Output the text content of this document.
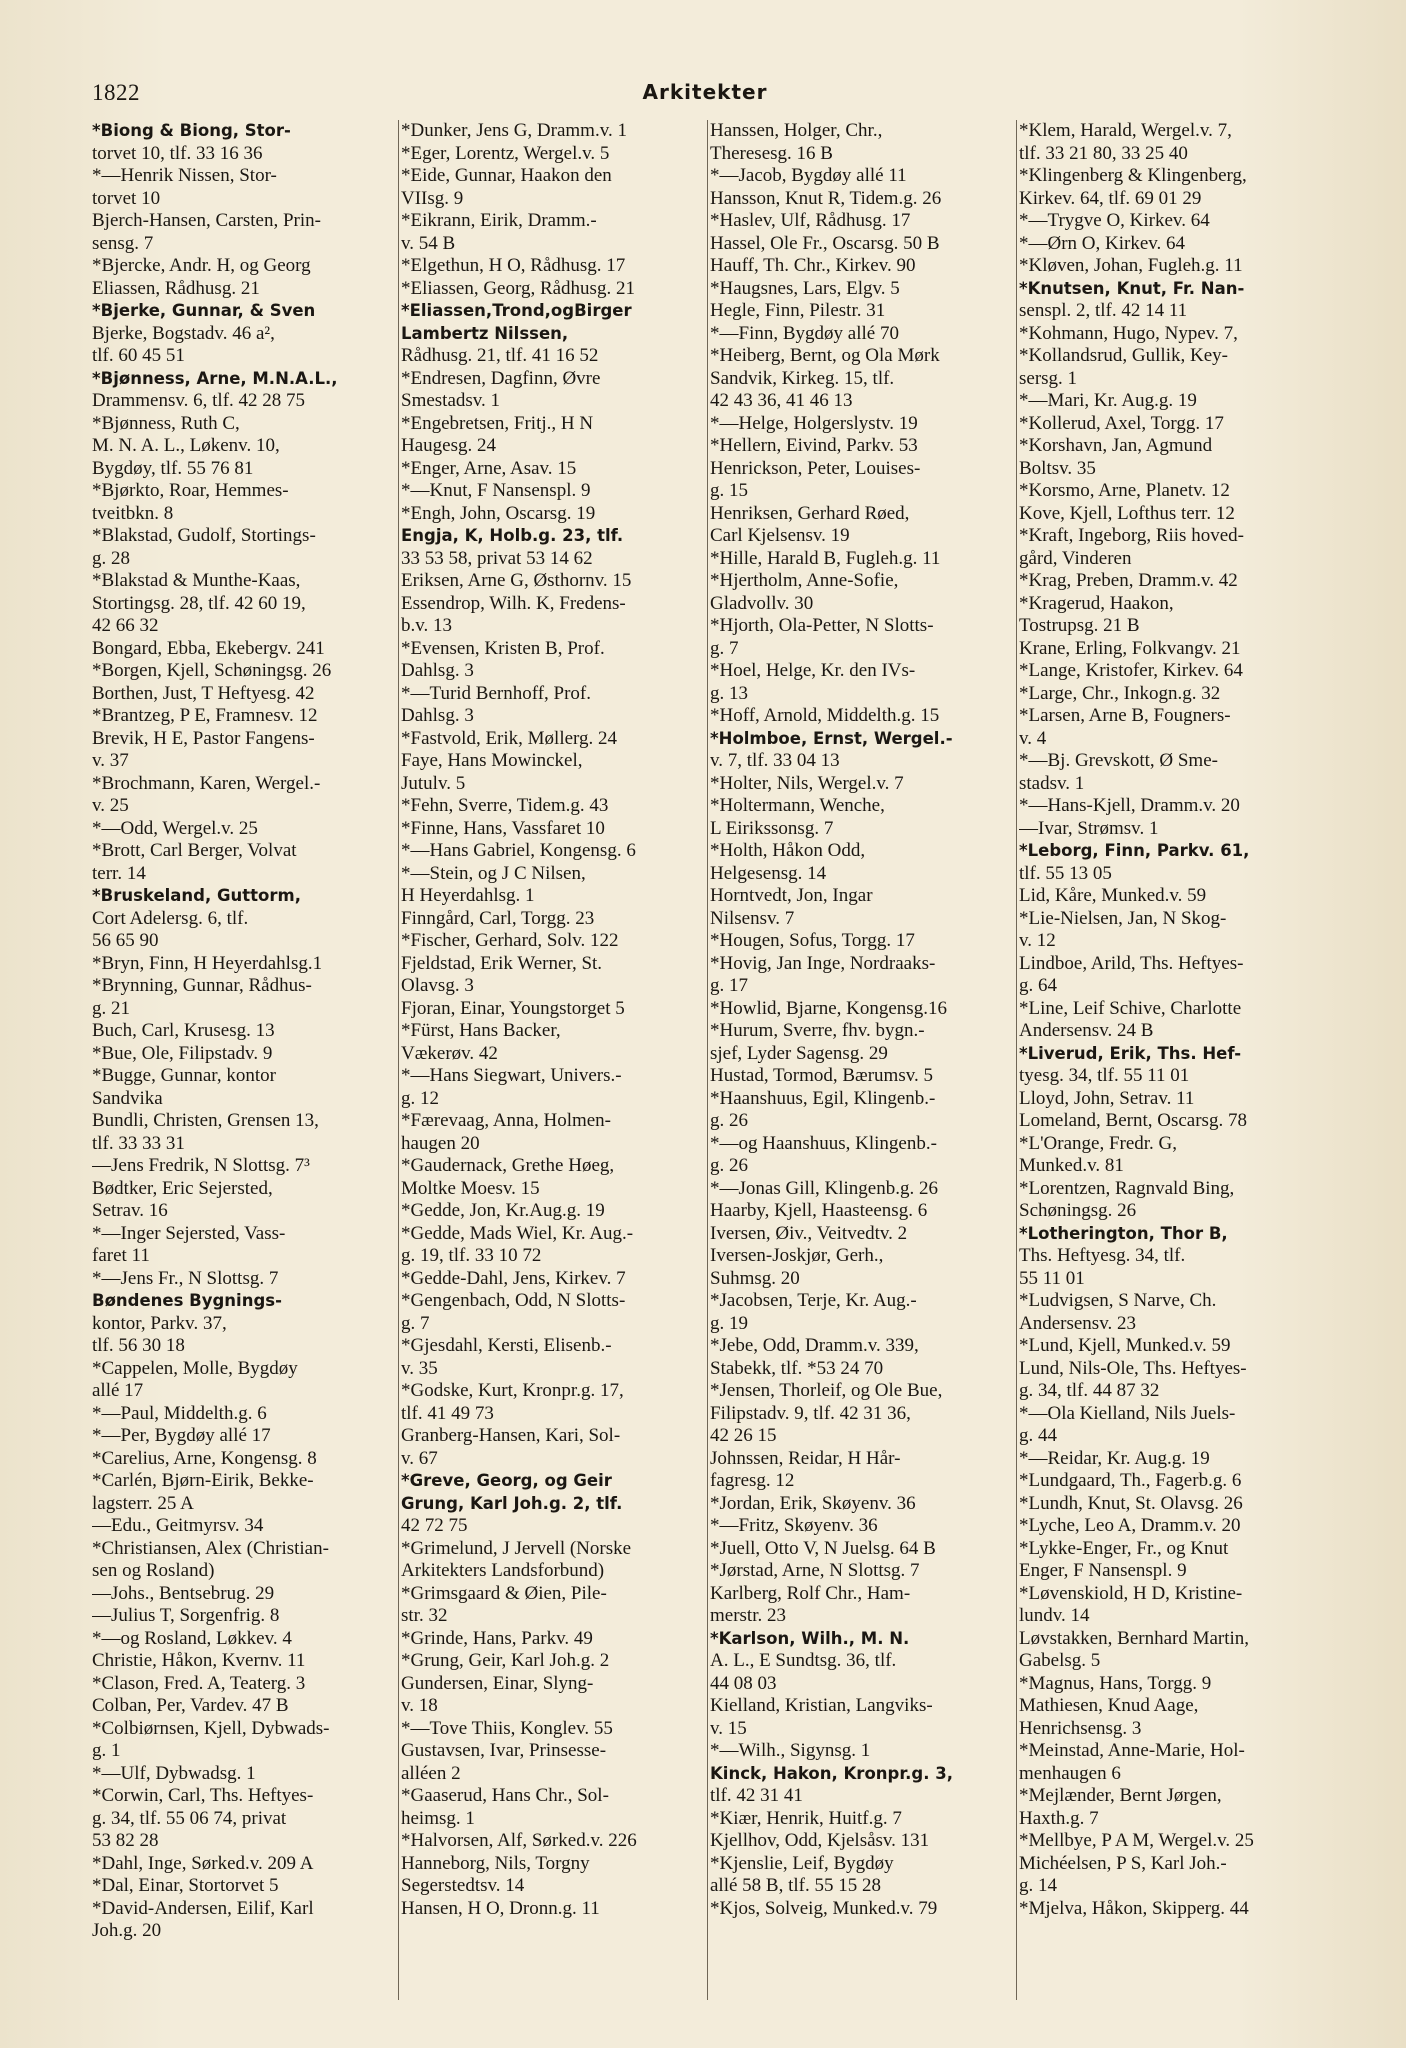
1822	Arkitekter
*Biong & Biong, Stor-
torvet 10, tlf. 33 16 36
*—Henrik Nissen, Stor-
torvet 10
Bjerch-Hansen, Carsten, Prin-
sensg. 7
*Bjercke, Andr. H, og Georg
Eliassen, Rådhusg. 21
*Bjerke, Gunnar, & Sven
Bjerke, Bogstadv. 46 a²,
tlf. 60 45 51
*Bjønness, Arne, M.N.A.L.,
Drammensv. 6, tlf. 42 28 75
*Bjønness, Ruth C,
M. N. A. L., Løkenv. 10,
Bygdøy, tlf. 55 76 81
*Bjørkto, Roar, Hemmes-
tveitbkn. 8
*Blakstad, Gudolf, Stortings-
g. 28
*Blakstad & Munthe-Kaas,
Stortingsg. 28, tlf. 42 60 19,
42 66 32
Bongard, Ebba, Ekebergv. 241
*Borgen, Kjell, Schøningsg. 26
Borthen, Just, T Heftyesg. 42
*Brantzeg, P E, Framnesv. 12
Brevik, H E, Pastor Fangens-
v. 37
*Brochmann, Karen, Wergel.-
v. 25
*—Odd, Wergel.v. 25
*Brott, Carl Berger, Volvat
terr. 14
*Bruskeland, Guttorm,
Cort Adelersg. 6, tlf.
56 65 90
*Bryn, Finn, H Heyerdahlsg.1
*Brynning, Gunnar, Rådhus-
g. 21
Buch, Carl, Krusesg. 13
*Bue, Ole, Filipstadv. 9
*Bugge, Gunnar, kontor
Sandvika
Bundli, Christen, Grensen 13,
tlf. 33 33 31
—Jens Fredrik, N Slottsg. 7³
Bødtker, Eric Sejersted,
Setrav. 16
*—Inger Sejersted, Vass-
faret 11
*—Jens Fr., N Slottsg. 7
Bøndenes Bygnings-
kontor, Parkv. 37,
tlf. 56 30 18
*Cappelen, Molle, Bygdøy
allé 17
*—Paul, Middelth.g. 6
*—Per, Bygdøy allé 17
*Carelius, Arne, Kongensg. 8
*Carlén, Bjørn-Eirik, Bekke-
lagsterr. 25 A
—Edu., Geitmyrsv. 34
*Christiansen, Alex (Christian-
sen og Rosland)
—Johs., Bentsebrug. 29
—Julius T, Sorgenfrig. 8
*—og Rosland, Løkkev. 4
Christie, Håkon, Kvernv. 11
*Clason, Fred. A, Teaterg. 3
Colban, Per, Vardev. 47 B
*Colbiørnsen, Kjell, Dybwads-
g. 1
*—Ulf, Dybwadsg. 1
*Corwin, Carl, Ths. Heftyes-
g. 34, tlf. 55 06 74, privat
53 82 28
*Dahl, Inge, Sørked.v. 209 A
*Dal, Einar, Stortorvet 5
*David-Andersen, Eilif, Karl
Joh.g. 20
*Dunker, Jens G, Dramm.v. 1
*Eger, Lorentz, Wergel.v. 5
*Eide, Gunnar, Haakon den
VIIsg. 9
*Eikrann, Eirik, Dramm.-
v. 54 B
*Elgethun, H O, Rådhusg. 17
*Eliassen, Georg, Rådhusg. 21
*Eliassen,Trond,ogBirger
Lambertz Nilssen,
Rådhusg. 21, tlf. 41 16 52
*Endresen, Dagfinn, Øvre
Smestadsv. 1
*Engebretsen, Fritj., H N
Haugesg. 24
*Enger, Arne, Asav. 15
*—Knut, F Nansenspl. 9
*Engh, John, Oscarsg. 19
Engja, K, Holb.g. 23, tlf.
33 53 58, privat 53 14 62
Eriksen, Arne G, Østhornv. 15
Essendrop, Wilh. K, Fredens-
b.v. 13
*Evensen, Kristen B, Prof.
Dahlsg. 3
*—Turid Bernhoff, Prof.
Dahlsg. 3
*Fastvold, Erik, Møllerg. 24
Faye, Hans Mowinckel,
Jutulv. 5
*Fehn, Sverre, Tidem.g. 43
*Finne, Hans, Vassfaret 10
*—Hans Gabriel, Kongensg. 6
*—Stein, og J C Nilsen,
H Heyerdahlsg. 1
Finngård, Carl, Torgg. 23
*Fischer, Gerhard, Solv. 122
Fjeldstad, Erik Werner, St.
Olavsg. 3
Fjoran, Einar, Youngstorget 5
*Fürst, Hans Backer,
Vækerøv. 42
*—Hans Siegwart, Univers.-
g. 12
*Færevaag, Anna, Holmen-
haugen 20
*Gaudernack, Grethe Høeg,
Moltke Moesv. 15
*Gedde, Jon, Kr.Aug.g. 19
*Gedde, Mads Wiel, Kr. Aug.-
g. 19, tlf. 33 10 72
*Gedde-Dahl, Jens, Kirkev. 7
*Gengenbach, Odd, N Slotts-
g. 7
*Gjesdahl, Kersti, Elisenb.-
v. 35
*Godske, Kurt, Kronpr.g. 17,
tlf. 41 49 73
Granberg-Hansen, Kari, Sol-
v. 67
*Greve, Georg, og Geir
Grung, Karl Joh.g. 2, tlf.
42 72 75
*Grimelund, J Jervell (Norske
Arkitekters Landsforbund)
*Grimsgaard & Øien, Pile-
str. 32
*Grinde, Hans, Parkv. 49
*Grung, Geir, Karl Joh.g. 2
Gundersen, Einar, Slyng-
v. 18
*—Tove Thiis, Konglev. 55
Gustavsen, Ivar, Prinsesse-
alléen 2
*Gaaserud, Hans Chr., Sol-
heimsg. 1
*Halvorsen, Alf, Sørked.v. 226
Hanneborg, Nils, Torgny
Segerstedtsv. 14
Hansen, H O, Dronn.g. 11
Hanssen, Holger, Chr.,
Theresesg. 16 B
*—Jacob, Bygdøy allé 11
Hansson, Knut R, Tidem.g. 26
*Haslev, Ulf, Rådhusg. 17
Hassel, Ole Fr., Oscarsg. 50 B
Hauff, Th. Chr., Kirkev. 90
*Haugsnes, Lars, Elgv. 5
Hegle, Finn, Pilestr. 31
*—Finn, Bygdøy allé 70
*Heiberg, Bernt, og Ola Mørk
Sandvik, Kirkeg. 15, tlf.
42 43 36, 41 46 13
*—Helge, Holgerslystv. 19
*Hellern, Eivind, Parkv. 53
Henrickson, Peter, Louises-
g. 15
Henriksen, Gerhard Røed,
Carl Kjelsensv. 19
*Hille, Harald B, Fugleh.g. 11
*Hjertholm, Anne-Sofie,
Gladvollv. 30
*Hjorth, Ola-Petter, N Slotts-
g. 7
*Hoel, Helge, Kr. den IVs-
g. 13
*Hoff, Arnold, Middelth.g. 15
*Holmboe, Ernst, Wergel.-
v. 7, tlf. 33 04 13
*Holter, Nils, Wergel.v. 7
*Holtermann, Wenche,
L Eirikssonsg. 7
*Holth, Håkon Odd,
Helgesensg. 14
Horntvedt, Jon, Ingar
Nilsensv. 7
*Hougen, Sofus, Torgg. 17
*Hovig, Jan Inge, Nordraaks-
g. 17
*Howlid, Bjarne, Kongensg.16
*Hurum, Sverre, fhv. bygn.-
sjef, Lyder Sagensg. 29
Hustad, Tormod, Bærumsv. 5
*Haanshuus, Egil, Klingenb.-
g. 26
*—og Haanshuus, Klingenb.-
g. 26
*—Jonas Gill, Klingenb.g. 26
Haarby, Kjell, Haasteensg. 6
Iversen, Øiv., Veitvedtv. 2
Iversen-Joskjør, Gerh.,
Suhmsg. 20
*Jacobsen, Terje, Kr. Aug.-
g. 19
*Jebe, Odd, Dramm.v. 339,
Stabekk, tlf. *53 24 70
*Jensen, Thorleif, og Ole Bue,
Filipstadv. 9, tlf. 42 31 36,
42 26 15
Johnssen, Reidar, H Hår-
fagresg. 12
*Jordan, Erik, Skøyenv. 36
*—Fritz, Skøyenv. 36
*Juell, Otto V, N Juelsg. 64 B
*Jørstad, Arne, N Slottsg. 7
Karlberg, Rolf Chr., Ham-
merstr. 23
*Karlson, Wilh., M. N.
A. L., E Sundtsg. 36, tlf.
44 08 03
Kielland, Kristian, Langviks-
v. 15
*—Wilh., Sigynsg. 1
Kinck, Hakon, Kronpr.g. 3,
tlf. 42 31 41
*Kiær, Henrik, Huitf.g. 7
Kjellhov, Odd, Kjelsåsv. 131
*Kjenslie, Leif, Bygdøy
allé 58 B, tlf. 55 15 28
*Kjos, Solveig, Munked.v. 79
*Klem, Harald, Wergel.v. 7,
tlf. 33 21 80, 33 25 40
*Klingenberg & Klingenberg,
Kirkev. 64, tlf. 69 01 29
*—Trygve O, Kirkev. 64
*—Ørn O, Kirkev. 64
*Kløven, Johan, Fugleh.g. 11
*Knutsen, Knut, Fr. Nan-
senspl. 2, tlf. 42 14 11
*Kohmann, Hugo, Nypev. 7,
*Kollandsrud, Gullik, Key-
sersg. 1
*—Mari, Kr. Aug.g. 19
*Kollerud, Axel, Torgg. 17
*Korshavn, Jan, Agmund
Boltsv. 35
*Korsmo, Arne, Planetv. 12
Kove, Kjell, Lofthus terr. 12
*Kraft, Ingeborg, Riis hoved-
gård, Vinderen
*Krag, Preben, Dramm.v. 42
*Kragerud, Haakon,
Tostrupsg. 21 B
Krane, Erling, Folkvangv. 21
*Lange, Kristofer, Kirkev. 64
*Large, Chr., Inkogn.g. 32
*Larsen, Arne B, Fougners-
v. 4
*—Bj. Grevskott, Ø Sme-
stadsv. 1
*—Hans-Kjell, Dramm.v. 20
—Ivar, Strømsv. 1
*Leborg, Finn, Parkv. 61,
tlf. 55 13 05
Lid, Kåre, Munked.v. 59
*Lie-Nielsen, Jan, N Skog-
v. 12
Lindboe, Arild, Ths. Heftyes-
g. 64
*Line, Leif Schive, Charlotte
Andersensv. 24 B
*Liverud, Erik, Ths. Hef-
tyesg. 34, tlf. 55 11 01
Lloyd, John, Setrav. 11
Lomeland, Bernt, Oscarsg. 78
*L'Orange, Fredr. G,
Munked.v. 81
*Lorentzen, Ragnvald Bing,
Schøningsg. 26
*Lotherington, Thor B,
Ths. Heftyesg. 34, tlf.
55 11 01
*Ludvigsen, S Narve, Ch.
Andersensv. 23
*Lund, Kjell, Munked.v. 59
Lund, Nils-Ole, Ths. Heftyes-
g. 34, tlf. 44 87 32
*—Ola Kielland, Nils Juels-
g. 44
*—Reidar, Kr. Aug.g. 19
*Lundgaard, Th., Fagerb.g. 6
*Lundh, Knut, St. Olavsg. 26
*Lyche, Leo A, Dramm.v. 20
*Lykke-Enger, Fr., og Knut
Enger, F Nansenspl. 9
*Løvenskiold, H D, Kristine-
lundv. 14
Løvstakken, Bernhard Martin,
Gabelsg. 5
*Magnus, Hans, Torgg. 9
Mathiesen, Knud Aage,
Henrichsensg. 3
*Meinstad, Anne-Marie, Hol-
menhaugen 6
*Mejlænder, Bernt Jørgen,
Haxth.g. 7
*Mellbye, P A M, Wergel.v. 25
Michéelsen, P S, Karl Joh.-
g. 14
*Mjelva, Håkon, Skipperg. 44
